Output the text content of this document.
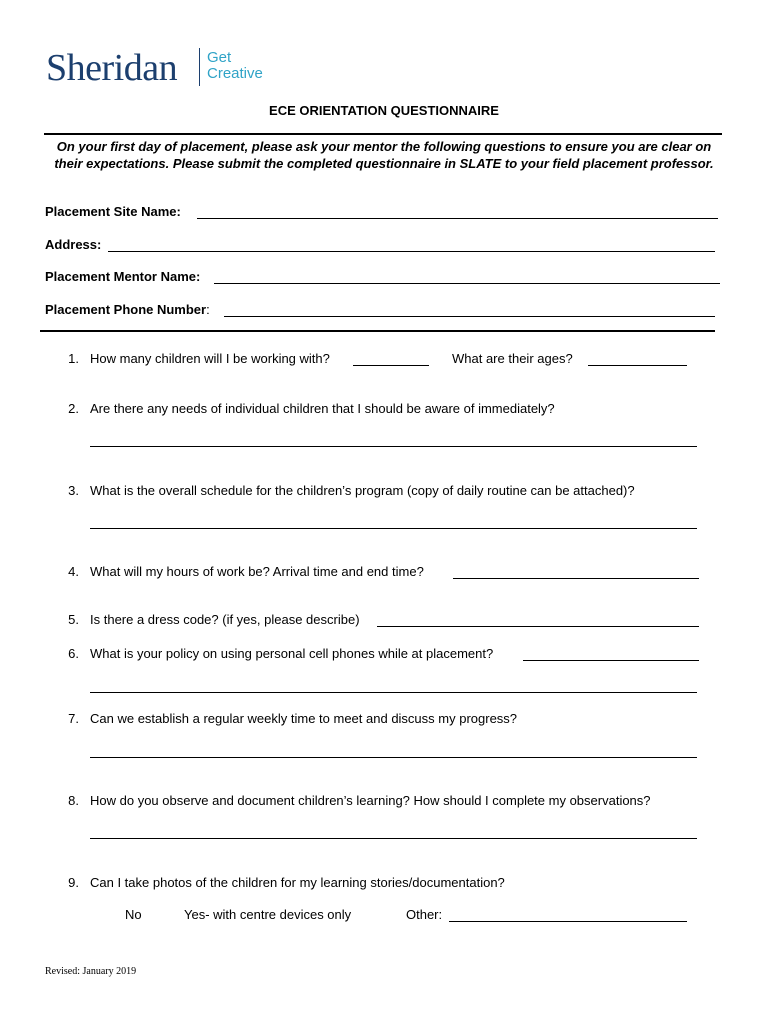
Sheridan Get
Creative
ECE ORIENTATION QUESTIONNAIRE
On your first day of placement, please ask your mentor the following questions to ensure you are clear on their expectations. Please submit the completed questionnaire in SLATE to your field placement professor.
Placement Site Name:
Address:
Placement Mentor Name:
Placement Phone Number:
1. How many children will I be working with?	What are their ages?
2. Are there any needs of individual children that I should be aware of immediately?
3. What is the overall schedule for the children’s program (copy of daily routine can be attached)?
4. What will my hours of work be? Arrival time and end time?
5. Is there a dress code? (if yes, please describe)
6. What is your policy on using personal cell phones while at placement?
7. Can we establish a regular weekly time to meet and discuss my progress?
8. How do you observe and document children’s learning? How should I complete my observations?
9. Can I take photos of the children for my learning stories/documentation?
No	Yes- with centre devices only	Other:
Revised: January 2019
